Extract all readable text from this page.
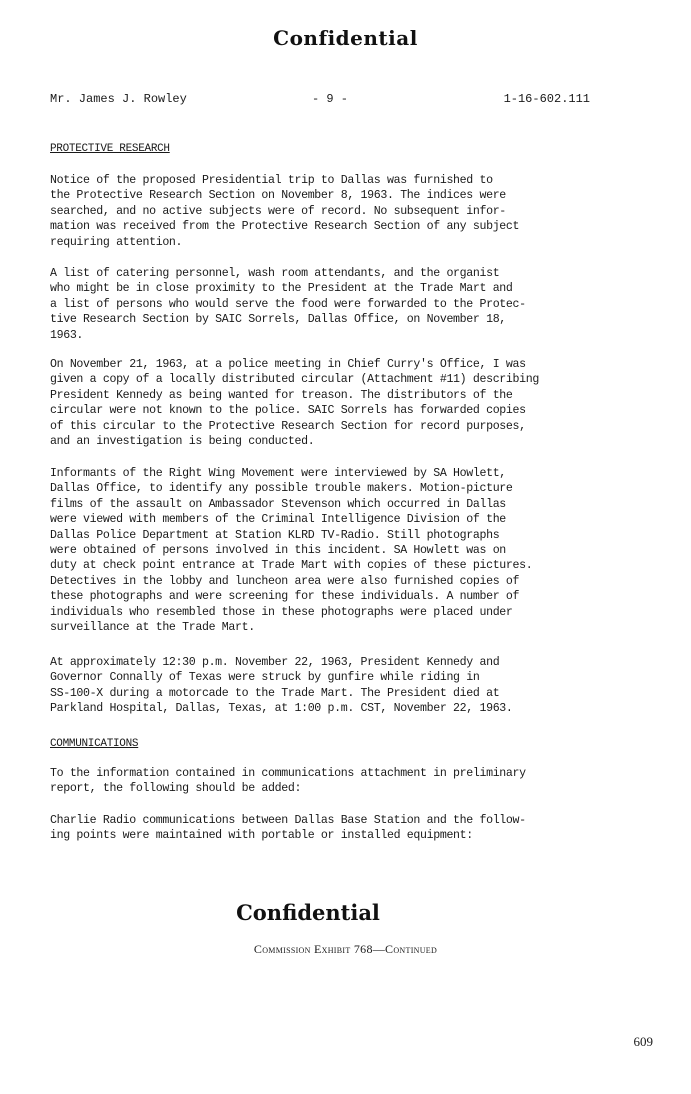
Confidential
Mr. James J. Rowley	- 9 -	1-16-602.111
PROTECTIVE RESEARCH

Notice of the proposed Presidential trip to Dallas was furnished to
the Protective Research Section on November 8, 1963. The indices were
searched, and no active subjects were of record. No subsequent infor-
mation was received from the Protective Research Section of any subject
requiring attention.

A list of catering personnel, wash room attendants, and the organist
who might be in close proximity to the President at the Trade Mart and
a list of persons who would serve the food were forwarded to the Protec-
tive Research Section by SAIC Sorrels, Dallas Office, on November 18,
1963.

On November 21, 1963, at a police meeting in Chief Curry's Office, I was
given a copy of a locally distributed circular (Attachment #11) describing
President Kennedy as being wanted for treason. The distributors of the
circular were not known to the police. SAIC Sorrels has forwarded copies
of this circular to the Protective Research Section for record purposes,
and an investigation is being conducted.

Informants of the Right Wing Movement were interviewed by SA Howlett,
Dallas Office, to identify any possible trouble makers. Motion-picture
films of the assault on Ambassador Stevenson which occurred in Dallas
were viewed with members of the Criminal Intelligence Division of the
Dallas Police Department at Station KLRD TV-Radio. Still photographs
were obtained of persons involved in this incident. SA Howlett was on
duty at check point entrance at Trade Mart with copies of these pictures.
Detectives in the lobby and luncheon area were also furnished copies of
these photographs and were screening for these individuals. A number of
individuals who resembled those in these photographs were placed under
surveillance at the Trade Mart.

At approximately 12:30 p.m. November 22, 1963, President Kennedy and
Governor Connally of Texas were struck by gunfire while riding in
SS-100-X during a motorcade to the Trade Mart. The President died at
Parkland Hospital, Dallas, Texas, at 1:00 p.m. CST, November 22, 1963.

COMMUNICATIONS

To the information contained in communications attachment in preliminary
report, the following should be added:

Charlie Radio communications between Dallas Base Station and the follow-
ing points were maintained with portable or installed equipment:

Confidential
Commission Exhibit 768—Continued
609
